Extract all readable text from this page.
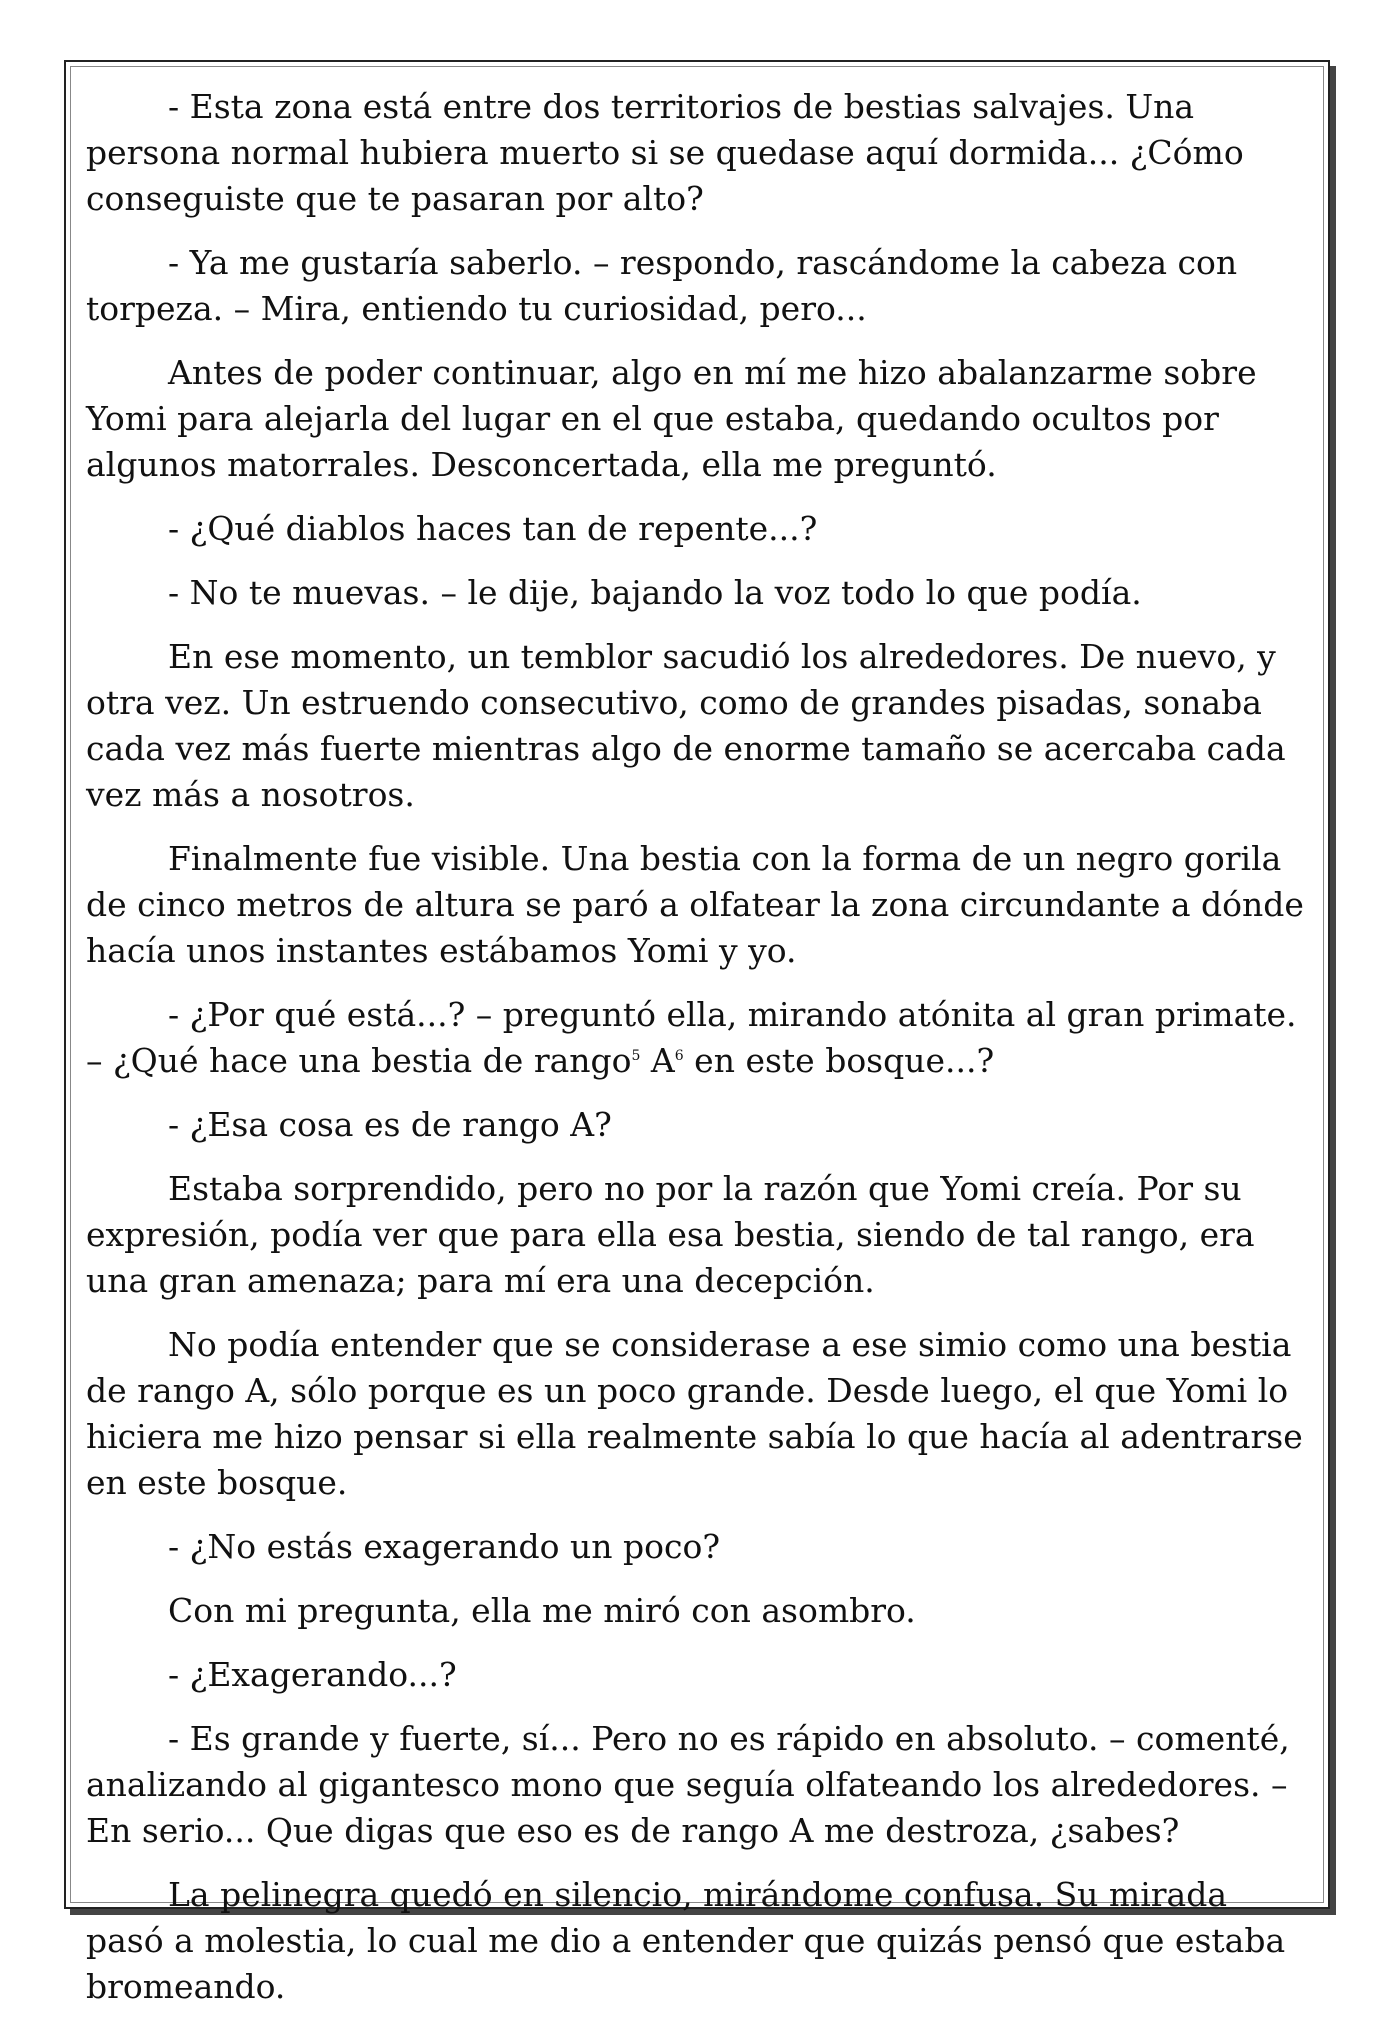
- Esta zona está entre dos territorios de bestias salvajes. Una persona normal hubiera muerto si se quedase aquí dormida... ¿Cómo conseguiste que te pasaran por alto?

- Ya me gustaría saberlo. – respondo, rascándome la cabeza con torpeza. – Mira, entiendo tu curiosidad, pero...

Antes de poder continuar, algo en mí me hizo abalanzarme sobre Yomi para alejarla del lugar en el que estaba, quedando ocultos por algunos matorrales. Desconcertada, ella me preguntó.

- ¿Qué diablos haces tan de repente...?

- No te muevas. – le dije, bajando la voz todo lo que podía.

En ese momento, un temblor sacudió los alrededores. De nuevo, y otra vez. Un estruendo consecutivo, como de grandes pisadas, sonaba cada vez más fuerte mientras algo de enorme tamaño se acercaba cada vez más a nosotros.

Finalmente fue visible. Una bestia con la forma de un negro gorila de cinco metros de altura se paró a olfatear la zona circundante a dónde hacía unos instantes estábamos Yomi y yo.

- ¿Por qué está...? – preguntó ella, mirando atónita al gran primate. – ¿Qué hace una bestia de rango$^5$ $A^6$ en este bosque...?

- ¿Esa cosa es de rango A?

Estaba sorprendido, pero no por la razón que Yomi creía. Por su expresión, podía ver que para ella esa bestia, siendo de tal rango, era una gran amenaza; para mí era una decepción.

No podía entender que se considerase a ese simio como una bestia de rango A, sólo porque es un poco grande. Desde luego, el que Yomi lo hiciera me hizo pensar si ella realmente sabía lo que hacía al adentrarse en este bosque.

- ¿No estás exagerando un poco?

Con mi pregunta, ella me miró con asombro.

- ¿Exagerando...?

- Es grande y fuerte, sí... Pero no es rápido en absoluto. – comenté, analizando al gigantesco mono que seguía olfateando los alrededores. – En serio... Que digas que eso es de rango A me destroza, ¿sabes?

La pelinegra quedó en silencio, mirándome confusa. Su mirada pasó a molestia, lo cual me dio a entender que quizás pensó que estaba bromeando.
